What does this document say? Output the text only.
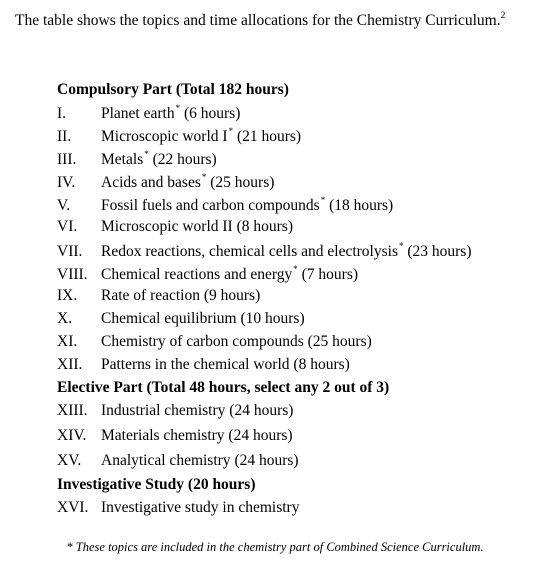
The table shows the topics and time allocations for the Chemistry Curriculum.$^2$
Compulsory Part (Total 182 hours)
I. Planet earth* (6 hours)
II. Microscopic world I* (21 hours)
III. Metals* (22 hours)
IV. Acids and bases* (25 hours)
V. Fossil fuels and carbon compounds* (18 hours)
VI. Microscopic world II (8 hours)
VII. Redox reactions, chemical cells and electrolysis* (23 hours)
VIII. Chemical reactions and energy* (7 hours)
IX. Rate of reaction (9 hours)
X. Chemical equilibrium (10 hours)
XI. Chemistry of carbon compounds (25 hours)
XII. Patterns in the chemical world (8 hours)
Elective Part (Total 48 hours, select any 2 out of 3)
XIII. Industrial chemistry (24 hours)
XIV. Materials chemistry (24 hours)
XV. Analytical chemistry (24 hours)
Investigative Study (20 hours)
XVI. Investigative study in chemistry
* These topics are included in the chemistry part of Combined Science Curriculum.
